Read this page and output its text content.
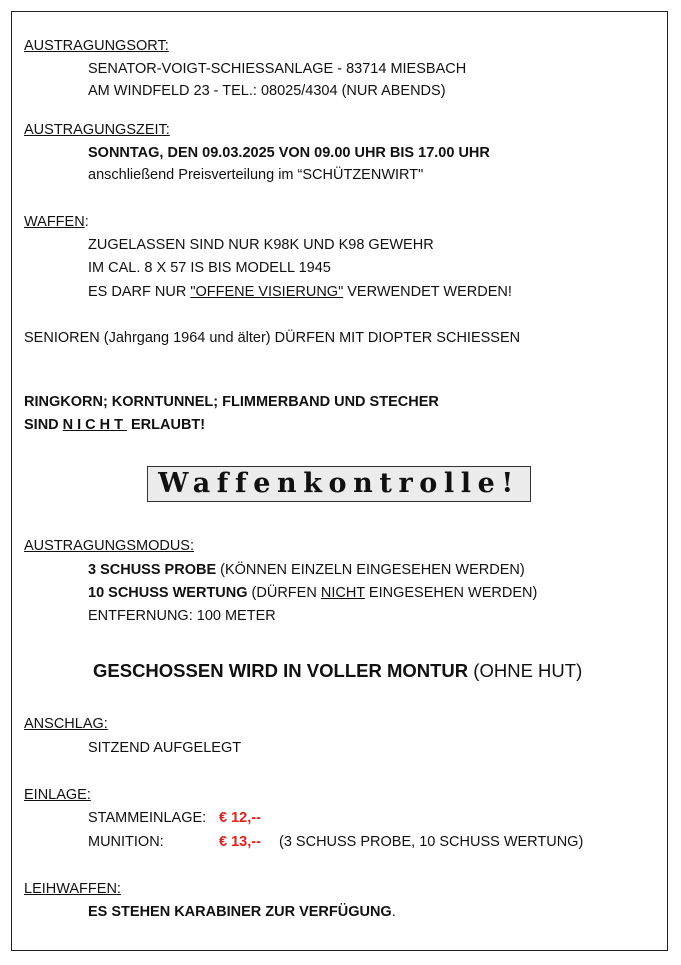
AUSTRAGUNGSORT:
SENATOR-VOIGT-SCHIESSANLAGE - 83714 MIESBACH
AM WINDFELD 23 - TEL.: 08025/4304 (NUR ABENDS)
AUSTRAGUNGSZEIT:
SONNTAG, DEN 09.03.2025 VON 09.00 UHR BIS 17.00 UHR
anschließend Preisverteilung im “SCHÜTZENWIRT"
WAFFEN:
ZUGELASSEN SIND NUR K98K UND K98 GEWEHR
IM CAL. 8 X 57 IS BIS MODELL 1945
ES DARF NUR "OFFENE VISIERUNG" VERWENDET WERDEN!
SENIOREN (Jahrgang 1964 und älter) DÜRFEN MIT DIOPTER SCHIESSEN
RINGKORN; KORNTUNNEL; FLIMMERBAND UND STECHER
SIND NICHT ERLAUBT!
Waffenkontrolle!
AUSTRAGUNGSMODUS:
3 SCHUSS PROBE (KÖNNEN EINZELN EINGESEHEN WERDEN)
10 SCHUSS WERTUNG (DÜRFEN NICHT EINGESEHEN WERDEN)
ENTFERNUNG: 100 METER
GESCHOSSEN WIRD IN VOLLER MONTUR (OHNE HUT)
ANSCHLAG:
SITZEND AUFGELEGT
EINLAGE:
STAMMEINLAGE: € 12,--
MUNITION:	€ 13,-- (3 SCHUSS PROBE, 10 SCHUSS WERTUNG)
LEIHWAFFEN:
ES STEHEN KARABINER ZUR VERFÜGUNG.
